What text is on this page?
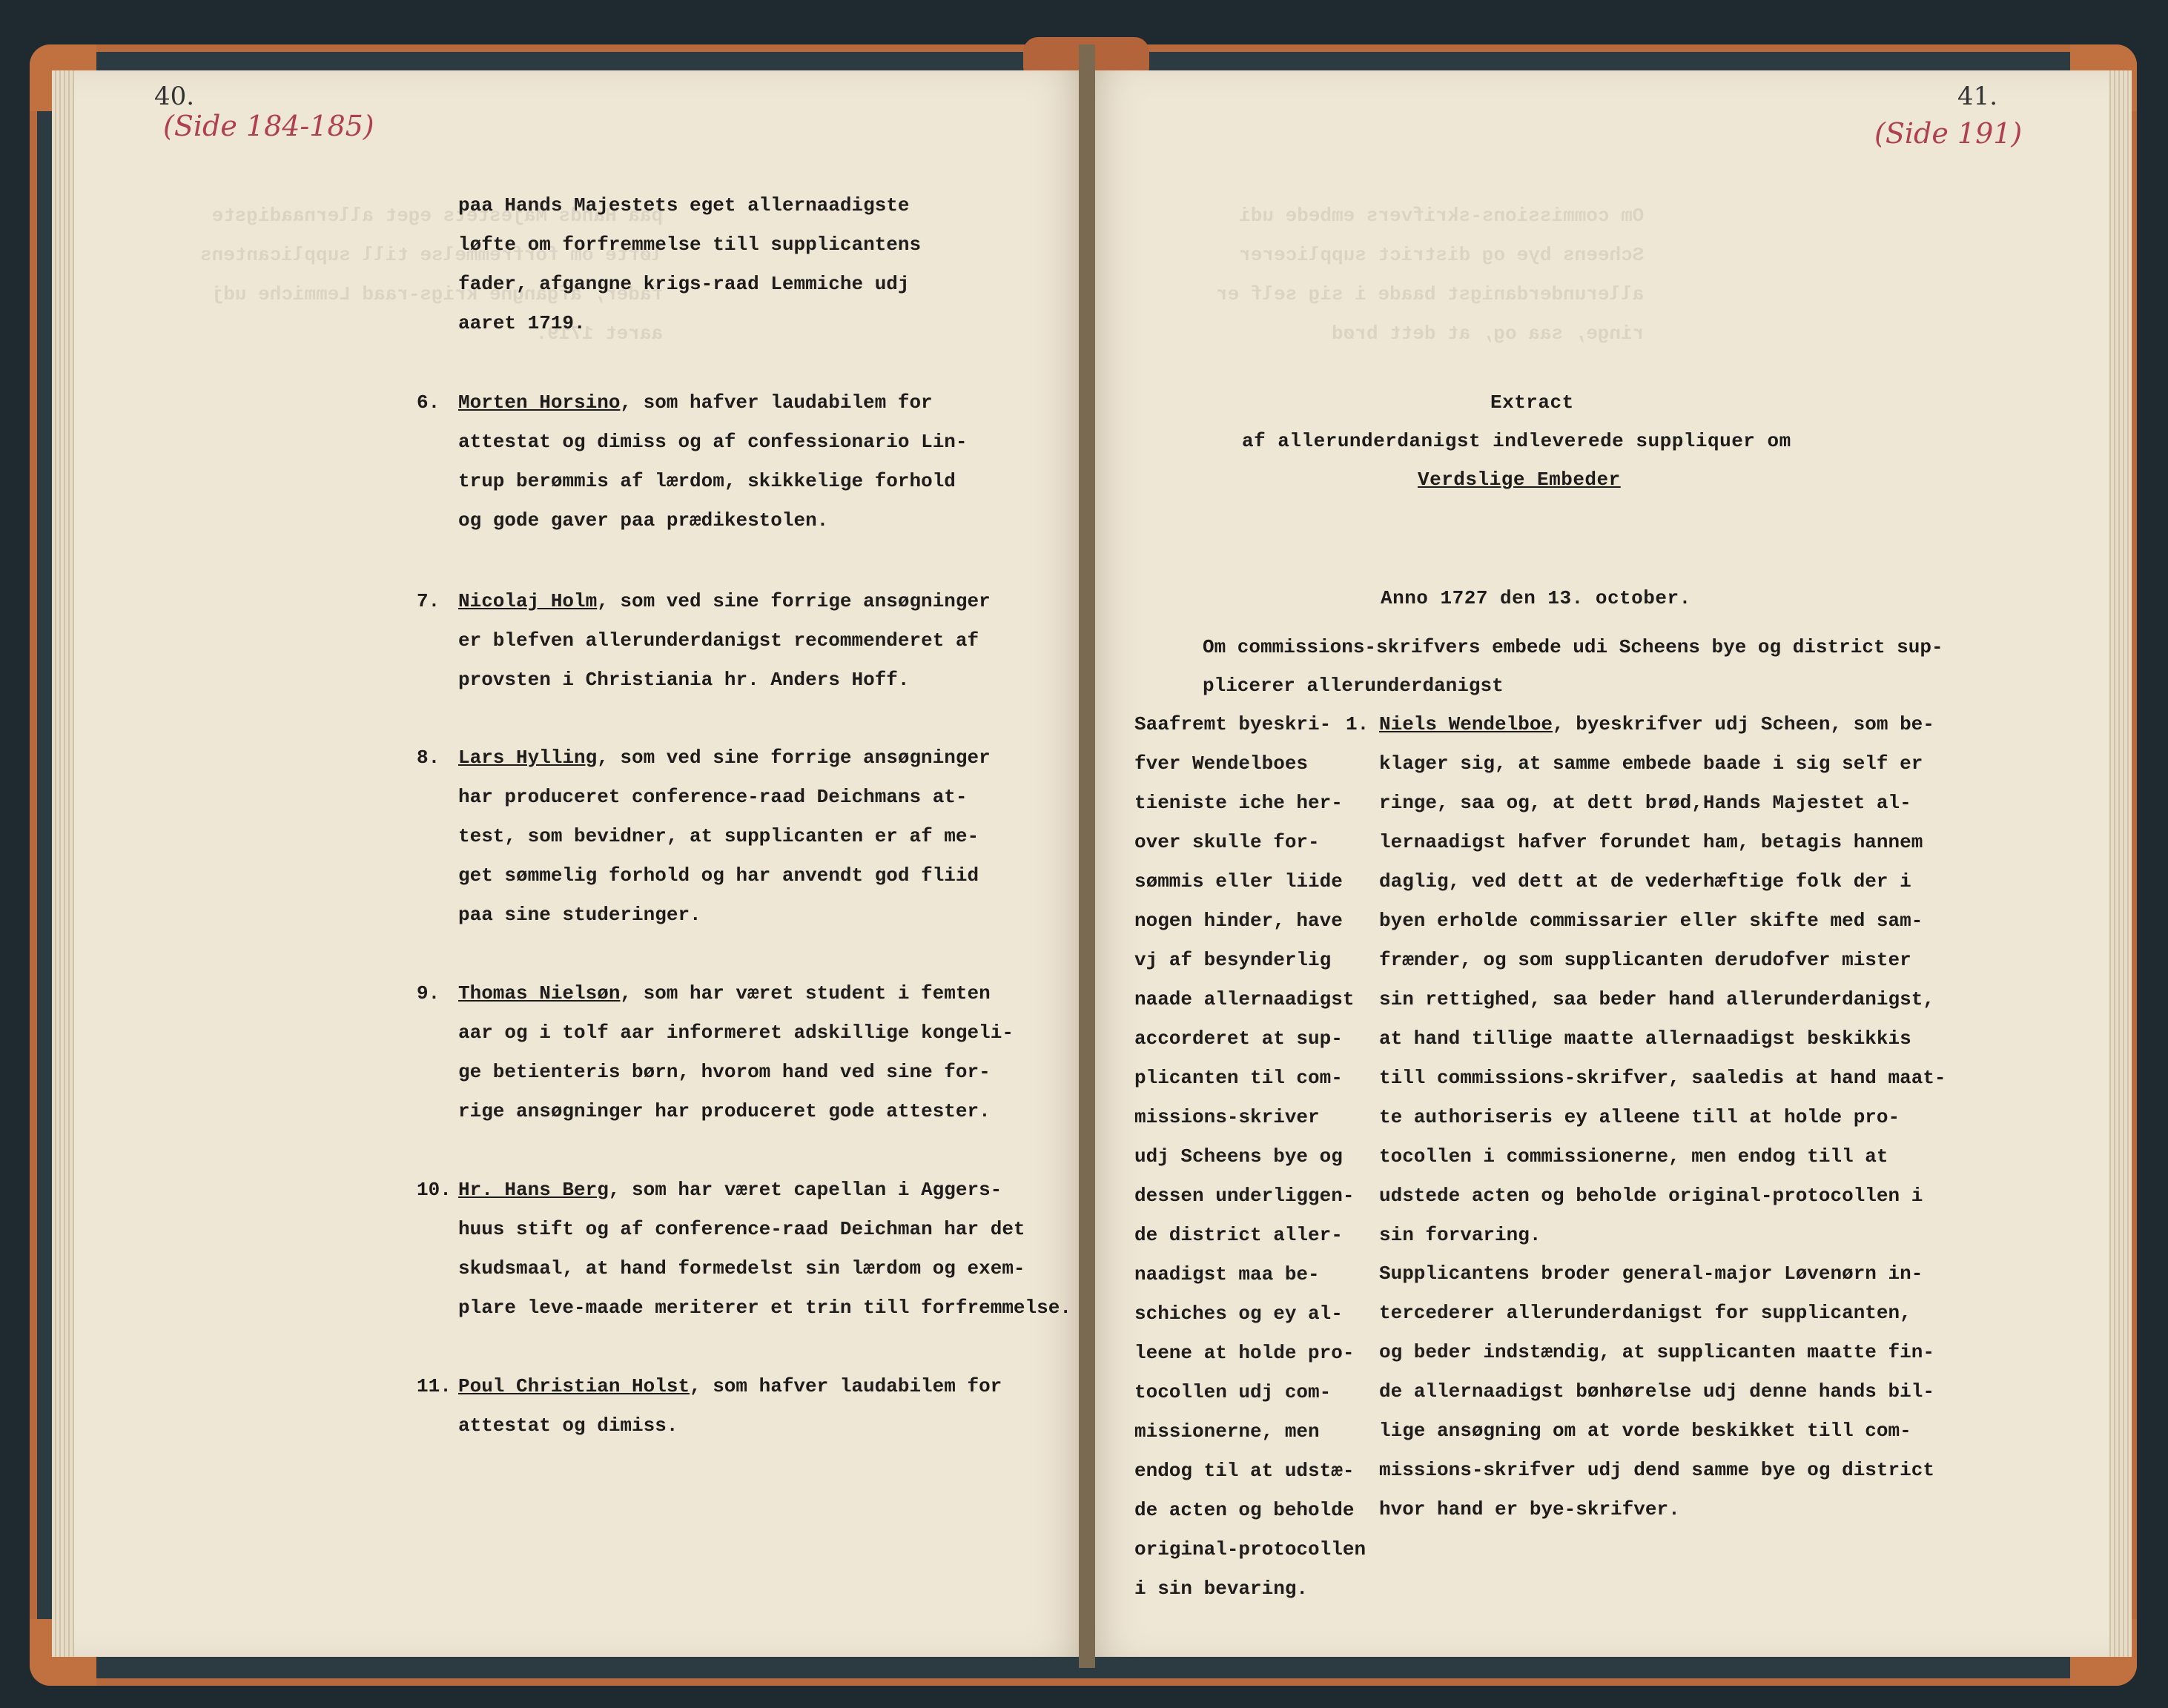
paa Hands Majestets eget allernaadigste
løfte om forfremmelse till supplicantens
fader, afgangne krigs-raad Lemmiche udj
aaret 1719.
Om commissions-skrifvers embede udi
Scheens bye og district supplicerer
allerunderdanigst baade i sig self er
ringe, saa og, at dett brød
40.
(Side 184-185)
paa Hands Majestets eget allernaadigste
løfte om forfremmelse till supplicantens
fader, afgangne krigs-raad Lemmiche udj
aaret 1719.
6. Morten Horsino , som hafver laudabilem for
attestat og dimiss og af confessionario Lin-
trup berømmis af lærdom, skikkelige forhold
og gode gaver paa prædikestolen.
7. Nicolaj Holm , som ved sine forrige ansøgninger
er blefven allerunderdanigst recommenderet af
provsten i Christiania hr. Anders Hoff.
8. Lars Hylling , som ved sine forrige ansøgninger
har produceret conference-raad Deichmans at-
test, som bevidner, at supplicanten er af me-
get sømmelig forhold og har anvendt god fliid
paa sine studeringer.
9. Thomas Nielsøn , som har været student i femten
aar og i tolf aar informeret adskillige kongeli-
ge betienteris børn, hvorom hand ved sine for-
rige ansøgninger har produceret gode attester.
10. Hr. Hans Berg , som har været capellan i Aggers-
huus stift og af conference-raad Deichman har det
skudsmaal, at hand formedelst sin lærdom og exem-
plare leve-maade meriterer et trin till forfremmelse.
11. Poul Christian Holst , som hafver laudabilem for
attestat og dimiss.
41.
(Side 191)
Extract
af allerunderdanigst indleverede suppliquer om
Verdslige Embeder
Anno 1727 den 13. october.
Om commissions-skrifvers embede udi Scheens bye og district sup-
plicerer allerunderdanigst
Saafremt byeskri-
fver Wendelboes
tieniste iche her-
over skulle for-
sømmis eller liide
nogen hinder, have
vj af besynderlig
naade allernaadigst
accorderet at sup-
plicanten til com-
missions-skriver
udj Scheens bye og
dessen underliggen-
de district aller-
naadigst maa be-
schiches og ey al-
leene at holde pro-
tocollen udj com-
missionerne, men
endog til at udstæ-
de acten og beholde
original-protocollen
i sin bevaring.
1. Niels Wendelboe , byeskrifver udj Scheen, som be-
klager sig, at samme embede baade i sig self er
ringe, saa og, at dett brød,Hands Majestet al-
lernaadigst hafver forundet ham, betagis hannem
daglig, ved dett at de vederhæftige folk der i
byen erholde commissarier eller skifte med sam-
frænder, og som supplicanten derudofver mister
sin rettighed, saa beder hand allerunderdanigst,
at hand tillige maatte allernaadigst beskikkis
till commissions-skrifver, saaledis at hand maat-
te authoriseris ey alleene till at holde pro-
tocollen i commissionerne, men endog till at
udstede acten og beholde original-protocollen i
sin forvaring.
Supplicantens broder general-major Løvenørn in-
tercederer allerunderdanigst for supplicanten,
og beder indstændig, at supplicanten maatte fin-
de allernaadigst bønhørelse udj denne hands bil-
lige ansøgning om at vorde beskikket till com-
missions-skrifver udj dend samme bye og district
hvor hand er bye-skrifver.
